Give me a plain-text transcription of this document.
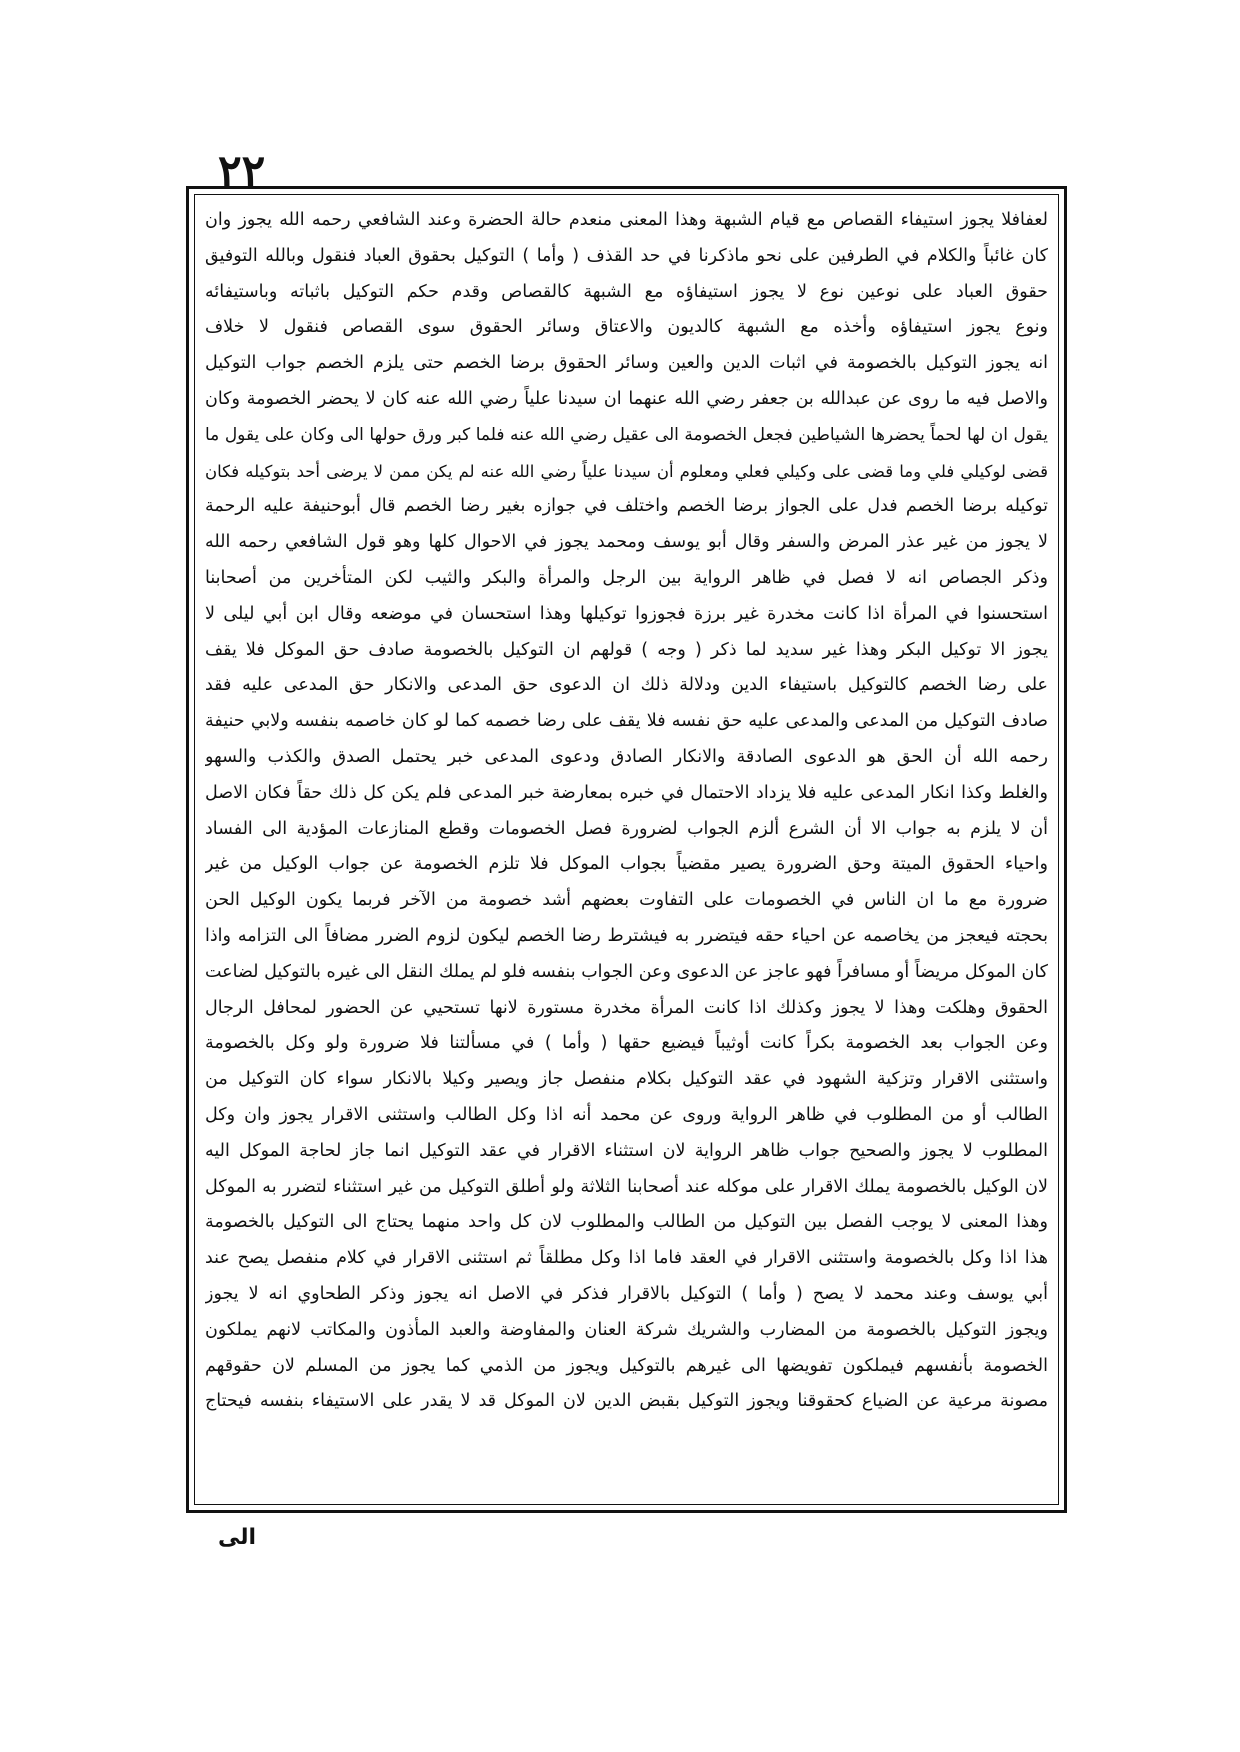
٢٢
لعفافلا يجوز استيفاء القصاص مع قيام الشبهة وهذا المعنى منعدم حالة الحضرة وعند الشافعي رحمه الله يجوز وان
كان غائباً والكلام في الطرفين على نحو ماذكرنا في حد القذف ( وأما ) التوكيل بحقوق العباد فنقول وبالله التوفيق
حقوق العباد على نوعين نوع لا يجوز استيفاؤه مع الشبهة كالقصاص وقدم حكم التوكيل باثباته وباستيفائه
ونوع يجوز استيفاؤه وأخذه مع الشبهة كالديون والاعتاق وسائر الحقوق سوى القصاص فنقول لا خلاف
انه يجوز التوكيل بالخصومة في اثبات الدين والعين وسائر الحقوق برضا الخصم حتى يلزم الخصم جواب التوكيل
والاصل فيه ما روى عن عبدالله بن جعفر رضي الله عنهما ان سيدنا علياً رضي الله عنه كان لا يحضر الخصومة وكان
يقول ان لها لحماً يحضرها الشياطين فجعل الخصومة الى عقيل رضي الله عنه فلما كبر ورق حولها الى وكان على يقول ما
قضى لوكيلي فلي وما قضى على وكيلي فعلي ومعلوم أن سيدنا علياً رضي الله عنه لم يكن ممن لا يرضى أحد بتوكيله فكان
توكيله برضا الخصم فدل على الجواز برضا الخصم واختلف في جوازه بغير رضا الخصم قال أبوحنيفة عليه الرحمة
لا يجوز من غير عذر المرض والسفر وقال أبو يوسف ومحمد يجوز في الاحوال كلها وهو قول الشافعي رحمه الله
وذكر الجصاص انه لا فصل في ظاهر الرواية بين الرجل والمرأة والبكر والثيب لكن المتأخرين من أصحابنا
استحسنوا في المرأة اذا كانت مخدرة غير برزة فجوزوا توكيلها وهذا استحسان في موضعه وقال ابن أبي ليلى لا
يجوز الا توكيل البكر وهذا غير سديد لما ذكر ( وجه ) قولهم ان التوكيل بالخصومة صادف حق الموكل فلا يقف
على رضا الخصم كالتوكيل باستيفاء الدين ودلالة ذلك ان الدعوى حق المدعى والانكار حق المدعى عليه فقد
صادف التوكيل من المدعى والمدعى عليه حق نفسه فلا يقف على رضا خصمه كما لو كان خاصمه بنفسه ولابي حنيفة
رحمه الله أن الحق هو الدعوى الصادقة والانكار الصادق ودعوى المدعى خبر يحتمل الصدق والكذب والسهو
والغلط وكذا انكار المدعى عليه فلا يزداد الاحتمال في خبره بمعارضة خبر المدعى فلم يكن كل ذلك حقاً فكان الاصل
أن لا يلزم به جواب الا أن الشرع ألزم الجواب لضرورة فصل الخصومات وقطع المنازعات المؤدية الى الفساد
واحياء الحقوق الميتة وحق الضرورة يصير مقضياً بجواب الموكل فلا تلزم الخصومة عن جواب الوكيل من غير
ضرورة مع ما ان الناس في الخصومات على التفاوت بعضهم أشد خصومة من الآخر فربما يكون الوكيل الحن
بحجته فيعجز من يخاصمه عن احياء حقه فيتضرر به فيشترط رضا الخصم ليكون لزوم الضرر مضافاً الى التزامه واذا
كان الموكل مريضاً أو مسافراً فهو عاجز عن الدعوى وعن الجواب بنفسه فلو لم يملك النقل الى غيره بالتوكيل لضاعت
الحقوق وهلكت وهذا لا يجوز وكذلك اذا كانت المرأة مخدرة مستورة لانها تستحيي عن الحضور لمحافل الرجال
وعن الجواب بعد الخصومة بكراً كانت أوثيباً فيضيع حقها ( وأما ) في مسألتنا فلا ضرورة ولو وكل بالخصومة
واستثنى الاقرار وتزكية الشهود في عقد التوكيل بكلام منفصل جاز ويصير وكيلا بالانكار سواء كان التوكيل من
الطالب أو من المطلوب في ظاهر الرواية وروى عن محمد أنه اذا وكل الطالب واستثنى الاقرار يجوز وان وكل
المطلوب لا يجوز والصحيح جواب ظاهر الرواية لان استثناء الاقرار في عقد التوكيل انما جاز لحاجة الموكل اليه
لان الوكيل بالخصومة يملك الاقرار على موكله عند أصحابنا الثلاثة ولو أطلق التوكيل من غير استثناء لتضرر به الموكل
وهذا المعنى لا يوجب الفصل بين التوكيل من الطالب والمطلوب لان كل واحد منهما يحتاج الى التوكيل بالخصومة
هذا اذا وكل بالخصومة واستثنى الاقرار في العقد فاما اذا وكل مطلقاً ثم استثنى الاقرار في كلام منفصل يصح عند
أبي يوسف وعند محمد لا يصح ( وأما ) التوكيل بالاقرار فذكر في الاصل انه يجوز وذكر الطحاوي انه لا يجوز
ويجوز التوكيل بالخصومة من المضارب والشريك شركة العنان والمفاوضة والعبد المأذون والمكاتب لانهم يملكون
الخصومة بأنفسهم فيملكون تفويضها الى غيرهم بالتوكيل ويجوز من الذمي كما يجوز من المسلم لان حقوقهم
مصونة مرعية عن الضياع كحقوقنا ويجوز التوكيل بقبض الدين لان الموكل قد لا يقدر على الاستيفاء بنفسه فيحتاج
الى
